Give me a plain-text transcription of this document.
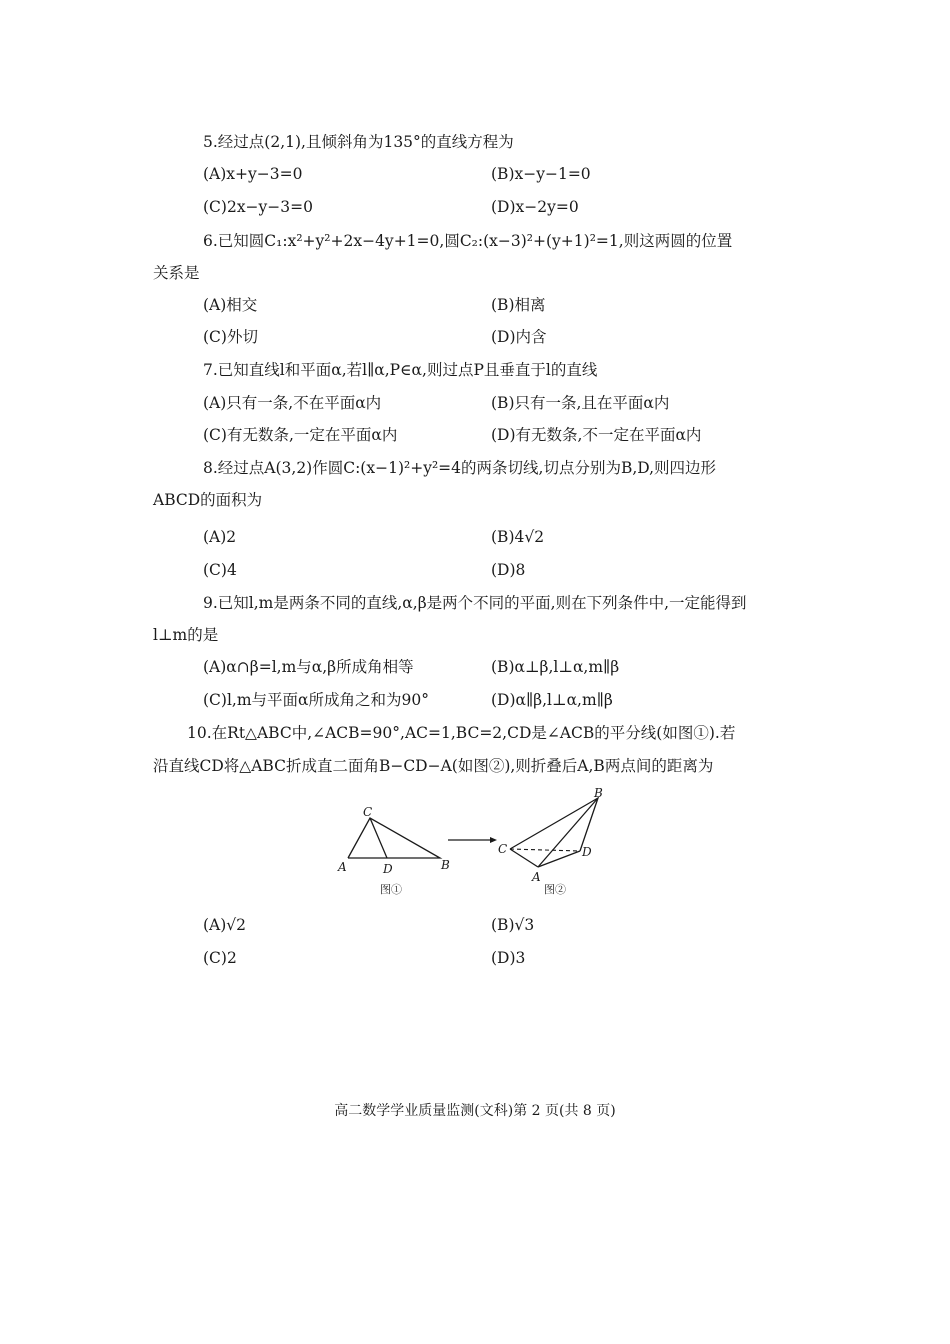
5.经过点(2,1),且倾斜角为135°的直线方程为
(A)x+y−3=0	(B)x−y−1=0
(C)2x−y−3=0	(D)x−2y=0
6.已知圆C₁:x²+y²+2x−4y+1=0,圆C₂:(x−3)²+(y+1)²=1,则这两圆的位置
关系是
(A)相交	(B)相离
(C)外切	(D)内含
7.已知直线l和平面α,若l∥α,P∈α,则过点P且垂直于l的直线
(A)只有一条,不在平面α内	(B)只有一条,且在平面α内
(C)有无数条,一定在平面α内	(D)有无数条,不一定在平面α内
8.经过点A(3,2)作圆C:(x−1)²+y²=4的两条切线,切点分别为B,D,则四边形
ABCD的面积为
(A)2	(B)4√2
(C)4	(D)8
9.已知l,m是两条不同的直线,α,β是两个不同的平面,则在下列条件中,一定能得到
l⊥m的是
(A)α∩β=l,m与α,β所成角相等	(B)α⊥β,l⊥α,m∥β
(C)l,m与平面α所成角之和为90°	(D)α∥β,l⊥α,m∥β
10.在Rt△ABC中,∠ACB=90°,AC=1,BC=2,CD是∠ACB的平分线(如图①).若
沿直线CD将△ABC折成直二面角B−CD−A(如图②),则折叠后A,B两点间的距离为
C
A	D	B
图①
C
B
D
A
图②
(A)√2	(B)√3
(C)2	(D)3
高二数学学业质量监测(文科)第 2 页(共 8 页)
